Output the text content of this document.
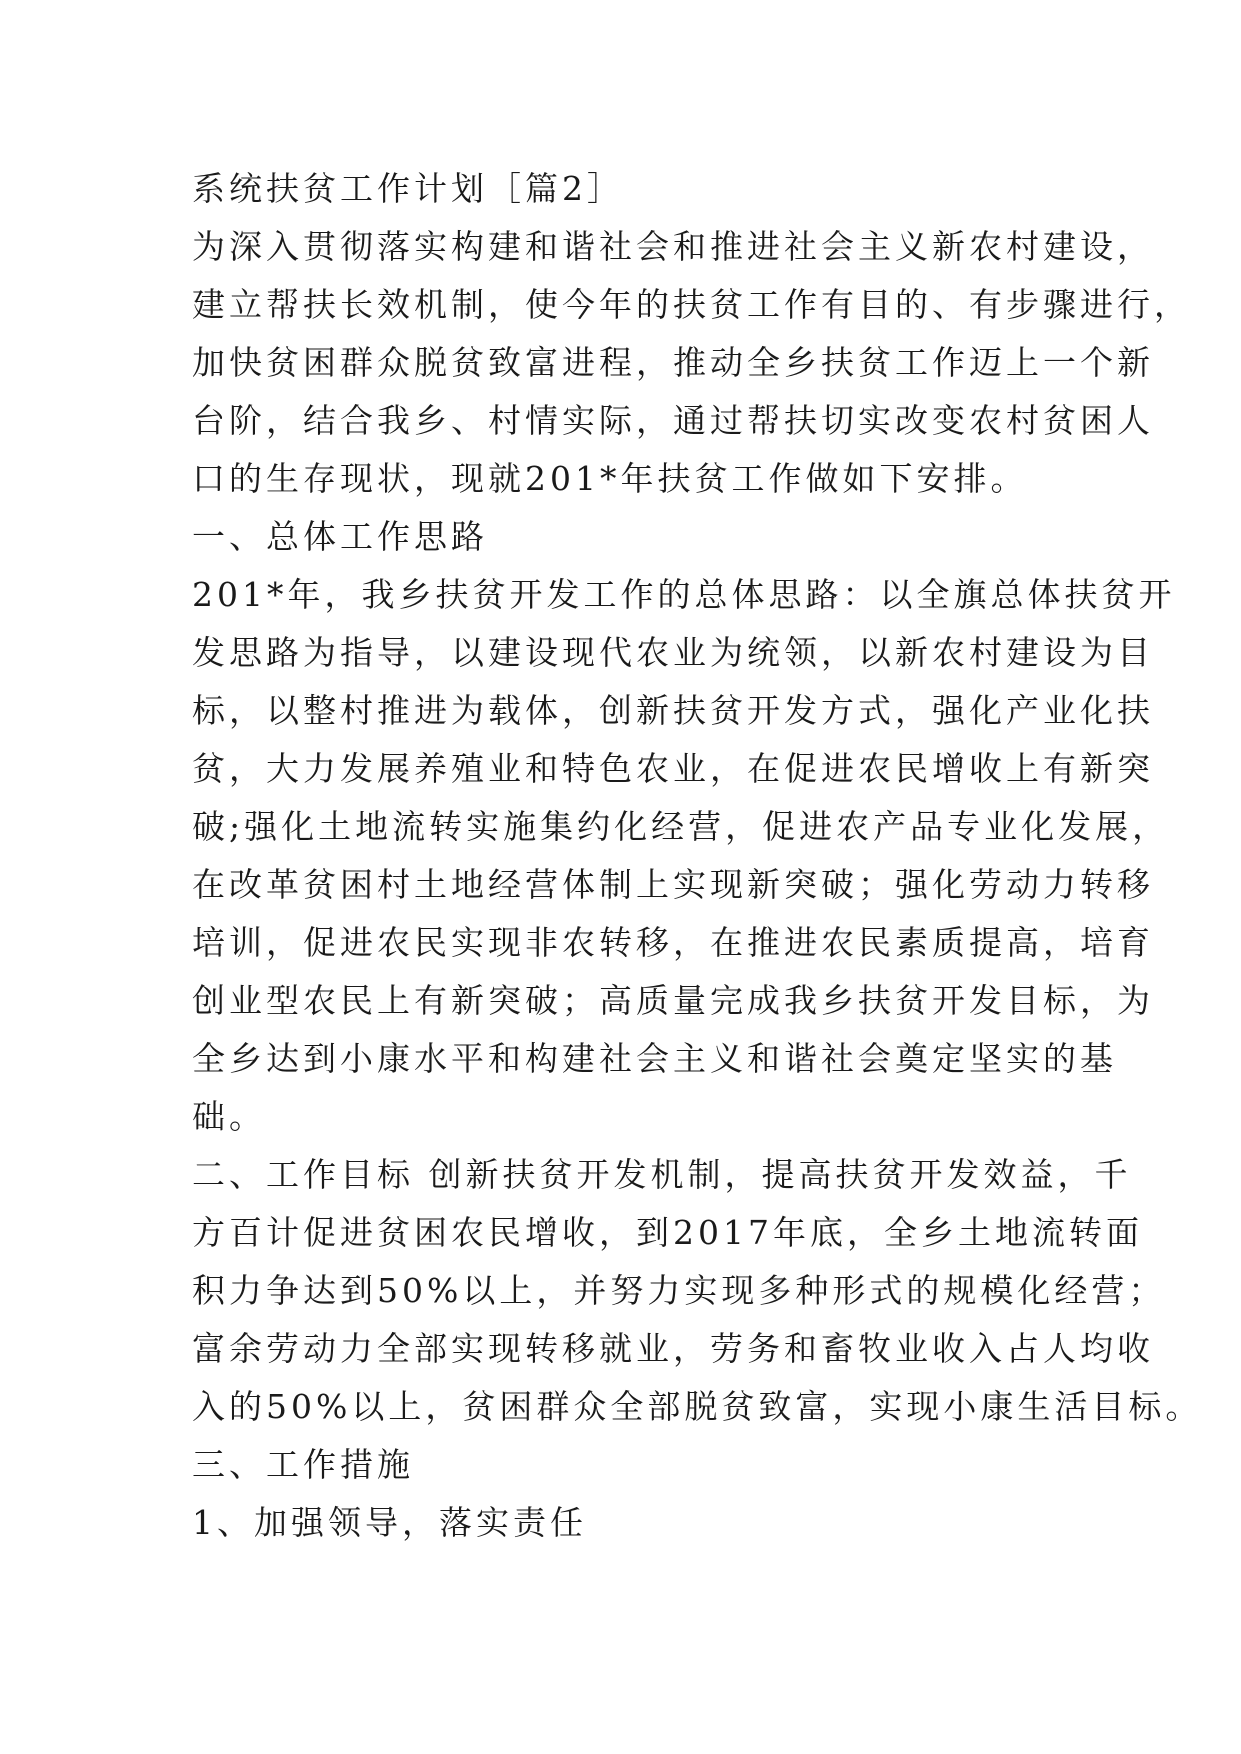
系统扶贫工作计划［篇2］
为深入贯彻落实构建和谐社会和推进社会主义新农村建设，
建立帮扶长效机制，使今年的扶贫工作有目的、有步骤进行，
加快贫困群众脱贫致富进程，推动全乡扶贫工作迈上一个新
台阶，结合我乡、村情实际，通过帮扶切实改变农村贫困人
口的生存现状，现就201*年扶贫工作做如下安排。
一、总体工作思路
201*年，我乡扶贫开发工作的总体思路：以全旗总体扶贫开
发思路为指导，以建设现代农业为统领，以新农村建设为目
标，以整村推进为载体，创新扶贫开发方式，强化产业化扶
贫，大力发展养殖业和特色农业，在促进农民增收上有新突
破;强化土地流转实施集约化经营，促进农产品专业化发展，
在改革贫困村土地经营体制上实现新突破；强化劳动力转移
培训，促进农民实现非农转移，在推进农民素质提高，培育
创业型农民上有新突破；高质量完成我乡扶贫开发目标，为
全乡达到小康水平和构建社会主义和谐社会奠定坚实的基
础。
二、工作目标 创新扶贫开发机制，提高扶贫开发效益，千
方百计促进贫困农民增收，到2017年底，全乡土地流转面
积力争达到50%以上，并努力实现多种形式的规模化经营；
富余劳动力全部实现转移就业，劳务和畜牧业收入占人均收
入的50%以上，贫困群众全部脱贫致富，实现小康生活目标。
三、工作措施
1、加强领导，落实责任
